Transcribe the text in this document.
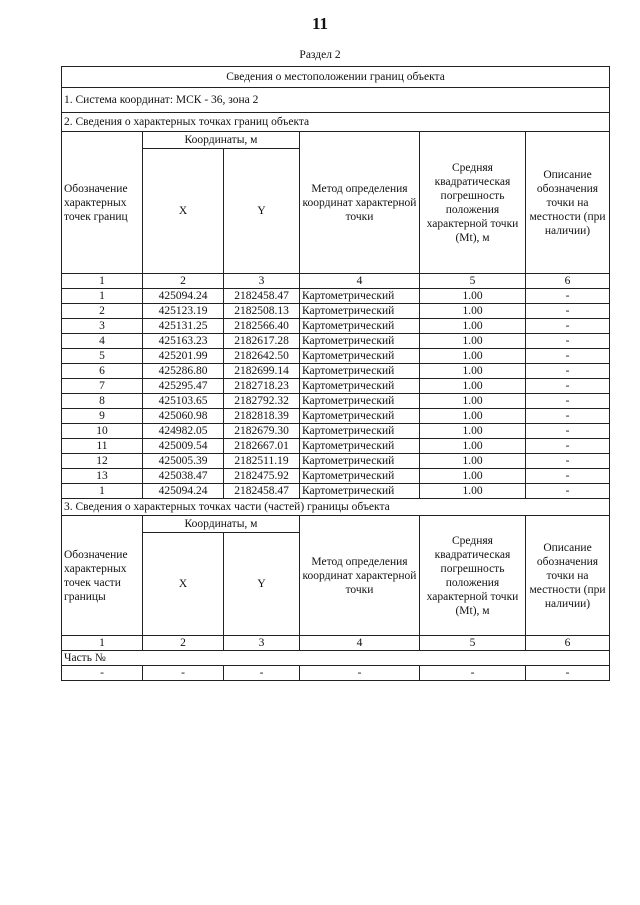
11
Раздел 2
Сведения о местоположении границ объекта					
1. Система координат: МСК - 36, зона 2					
2. Сведения о характерных точках границ объекта					
Обозначение характерных точек границ	Координаты, м		Метод определения координат характерной точки	Средняя квадратическая погрешность положения характерной точки (Mt), м	Описание обозначения точки на местности (при наличии)
	X	Y			
1	2	3	4	5	6
1	425094.24	2182458.47	Картометрический	1.00	-
2	425123.19	2182508.13	Картометрический	1.00	-
3	425131.25	2182566.40	Картометрический	1.00	-
4	425163.23	2182617.28	Картометрический	1.00	-
5	425201.99	2182642.50	Картометрический	1.00	-
6	425286.80	2182699.14	Картометрический	1.00	-
7	425295.47	2182718.23	Картометрический	1.00	-
8	425103.65	2182792.32	Картометрический	1.00	-
9	425060.98	2182818.39	Картометрический	1.00	-
10	424982.05	2182679.30	Картометрический	1.00	-
11	425009.54	2182667.01	Картометрический	1.00	-
12	425005.39	2182511.19	Картометрический	1.00	-
13	425038.47	2182475.92	Картометрический	1.00	-
1	425094.24	2182458.47	Картометрический	1.00	-
3. Сведения о характерных точках части (частей) границы объекта					
Обозначение характерных точек части границы	Координаты, м		Метод определения координат характерной точки	Средняя квадратическая погрешность положения характерной точки (Mt), м	Описание обозначения точки на местности (при наличии)
	X	Y			
1	2	3	4	5	6
Часть №					
-	-	-	-	-	-
